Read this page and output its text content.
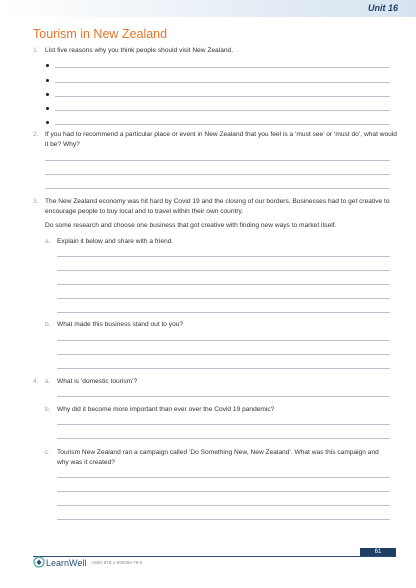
Unit 16
Tourism in New Zealand
1. List five reasons why you think people should visit New Zealand.
2. If you had to recommend a particular place or event in New Zealand that you feel is a ‘must see’ or ‘must do’, what would it be? Why?
3. The New Zealand economy was hit hard by Covid 19 and the closing of our borders. Businesses had to get creative to encourage people to buy local and to travel within their own country.
Do some research and choose one business that got creative with finding new ways to market itself.
a. Explain it below and share with a friend.
b. What made this business stand out to you?
4. a. What is ‘domestic tourism’?
b. Why did it become more important than ever over the Covid 19 pandemic?
c. Tourism New Zealand ran a campaign called ‘Do Something New, New Zealand’. What was this campaign and why was it created?
61
LearnWell ISBN 978-1-990055-78-6
